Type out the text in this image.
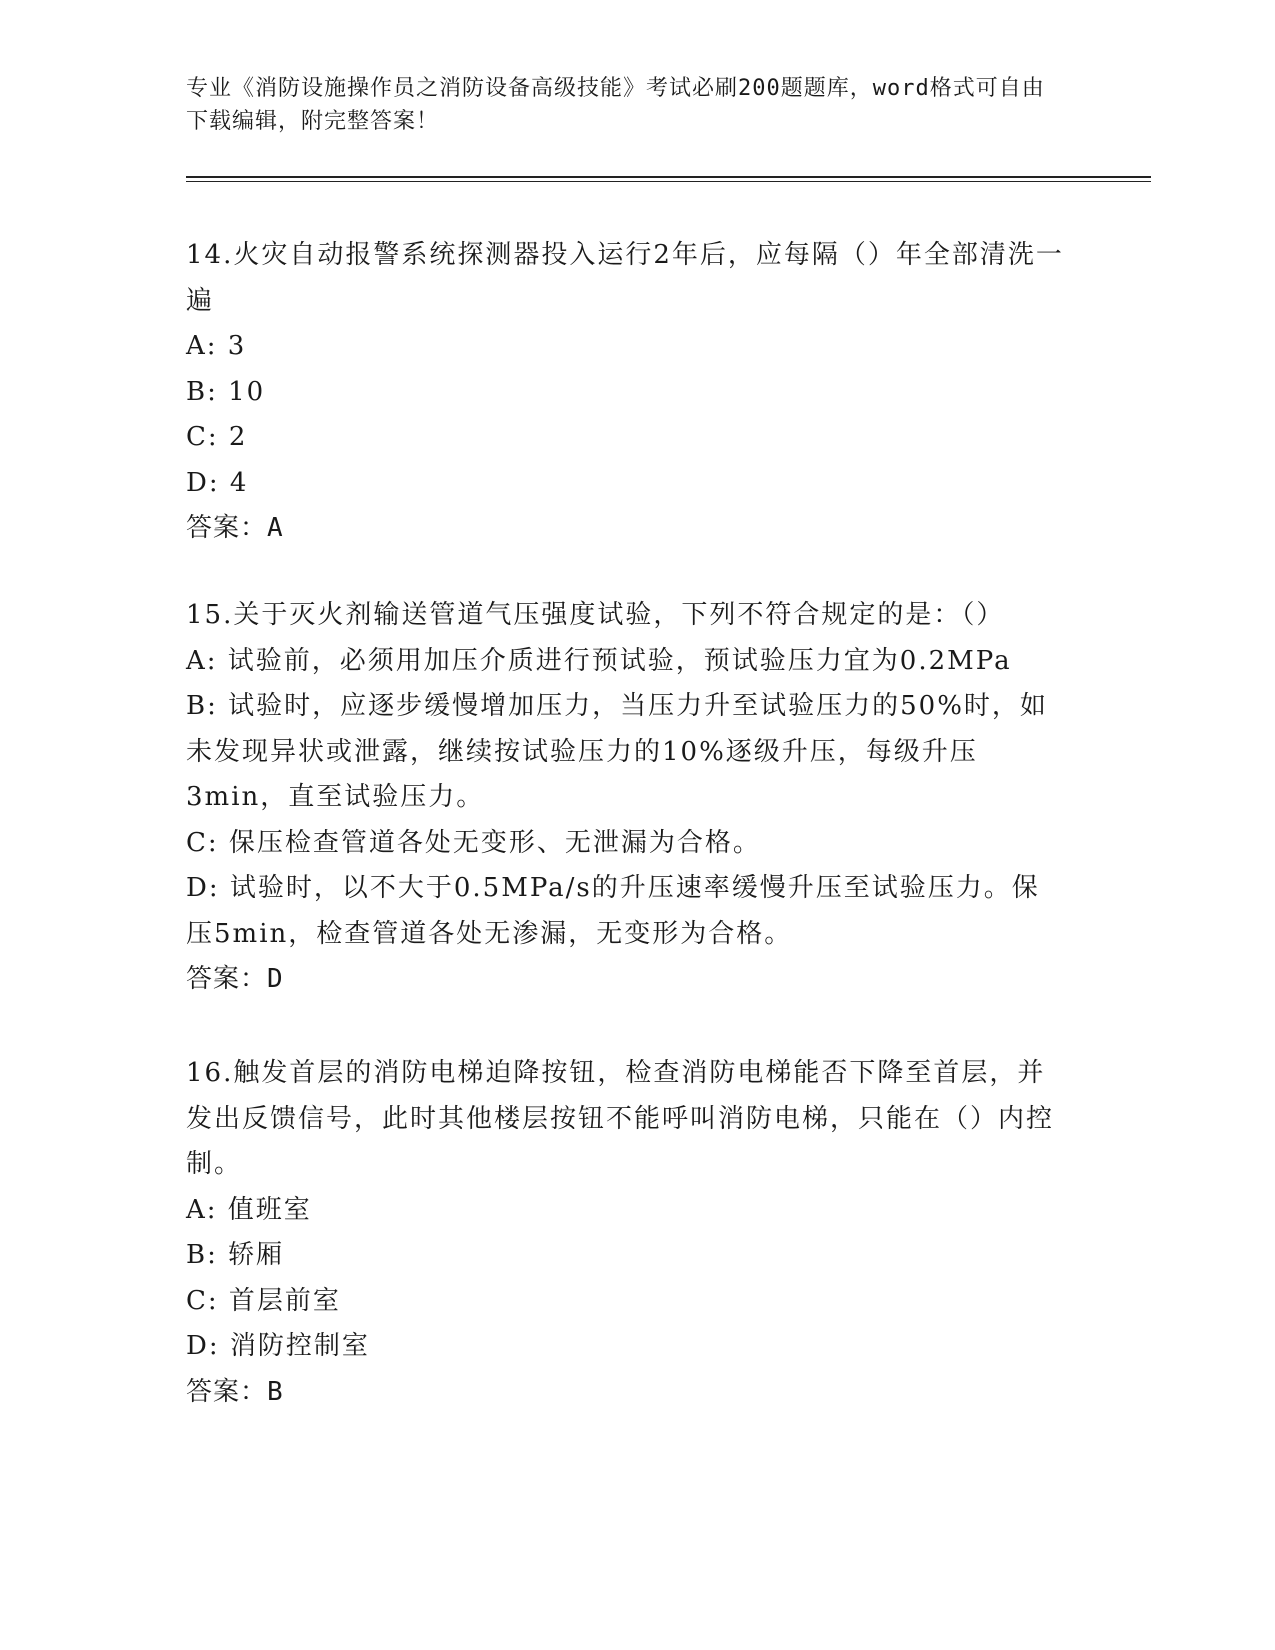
专业《消防设施操作员之消防设备高级技能》考试必刷200题题库，word格式可自由下载编辑，附完整答案！

14.火灾自动报警系统探测器投入运行2年后，应每隔（）年全部清洗一遍

A: 3

B: 10

C: 2

D: 4

答案：A

15.关于灭火剂输送管道气压强度试验，下列不符合规定的是：（）

A: 试验前，必须用加压介质进行预试验，预试验压力宜为0.2MPa

B: 试验时，应逐步缓慢增加压力，当压力升至试验压力的50%时，如未发现异状或泄露，继续按试验压力的10%逐级升压，每级升压3min，直至试验压力。

C: 保压检查管道各处无变形、无泄漏为合格。

D: 试验时，以不大于0.5MPa/s的升压速率缓慢升压至试验压力。保压5min，检查管道各处无渗漏，无变形为合格。

答案：D

16.触发首层的消防电梯迫降按钮，检查消防电梯能否下降至首层，并发出反馈信号，此时其他楼层按钮不能呼叫消防电梯，只能在（）内控制。

A: 值班室

B: 轿厢

C: 首层前室

D: 消防控制室

答案：B
